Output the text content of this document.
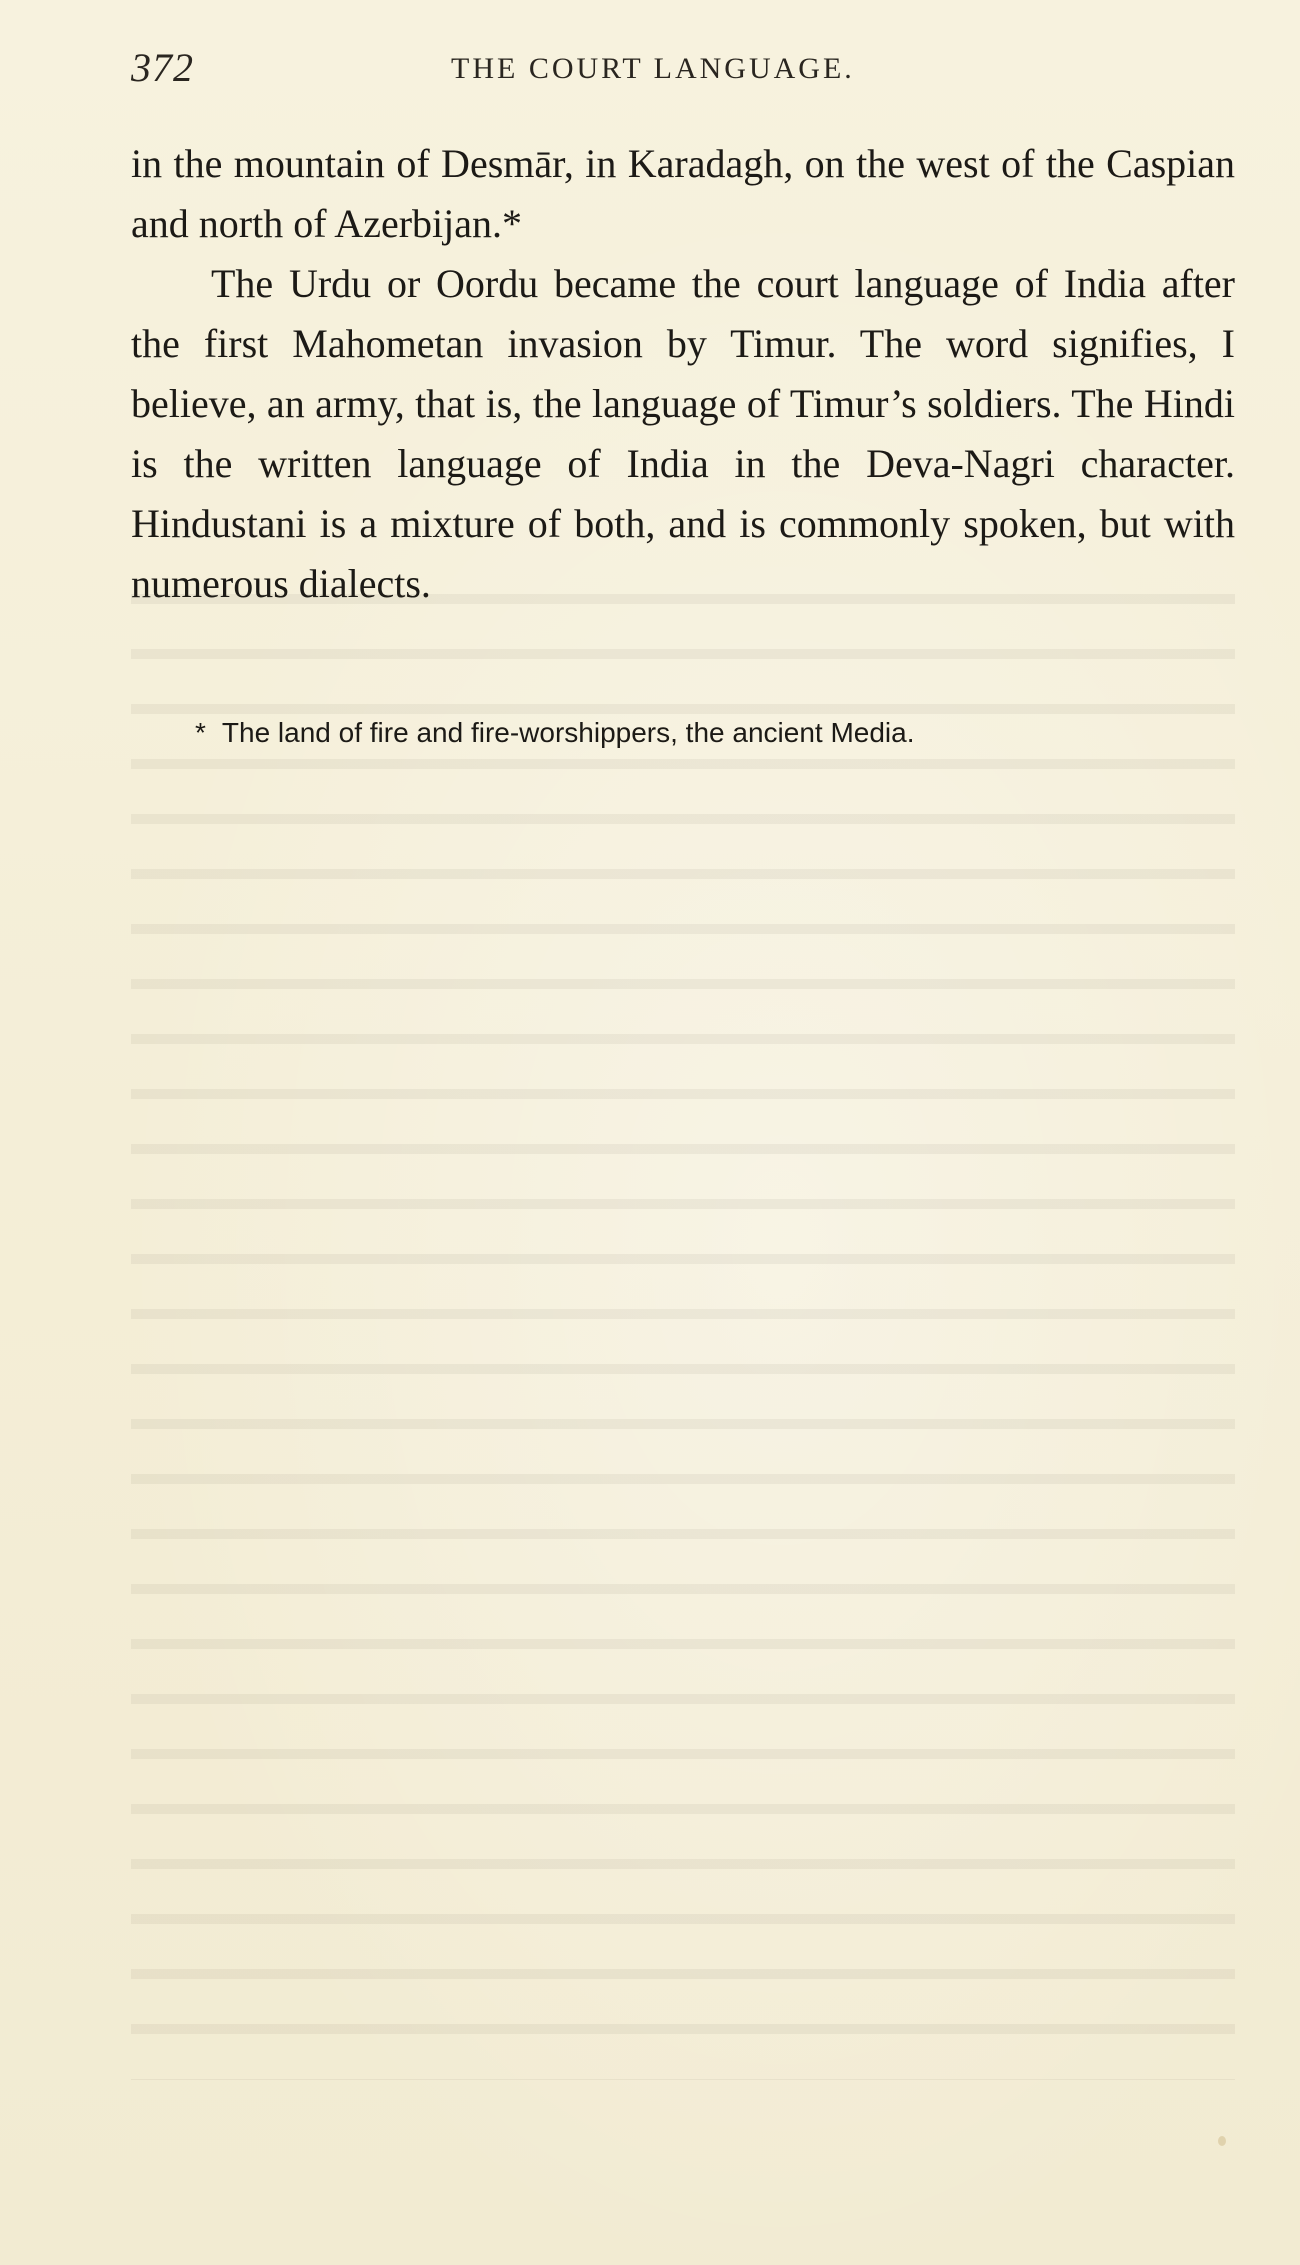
372	THE COURT LANGUAGE.

in the mountain of Desmār, in Karadagh, on the west of the Caspian and north of Azerbijan.*

The Urdu or Oordu became the court language of India after the first Mahometan invasion by Timur. The word signifies, I believe, an army, that is, the language of Timur’s soldiers. The Hindi is the written language of India in the Deva-Nagri character. Hindustani is a mixture of both, and is commonly spoken, but with numerous dialects.

* The land of fire and fire-worshippers, the ancient Media.
